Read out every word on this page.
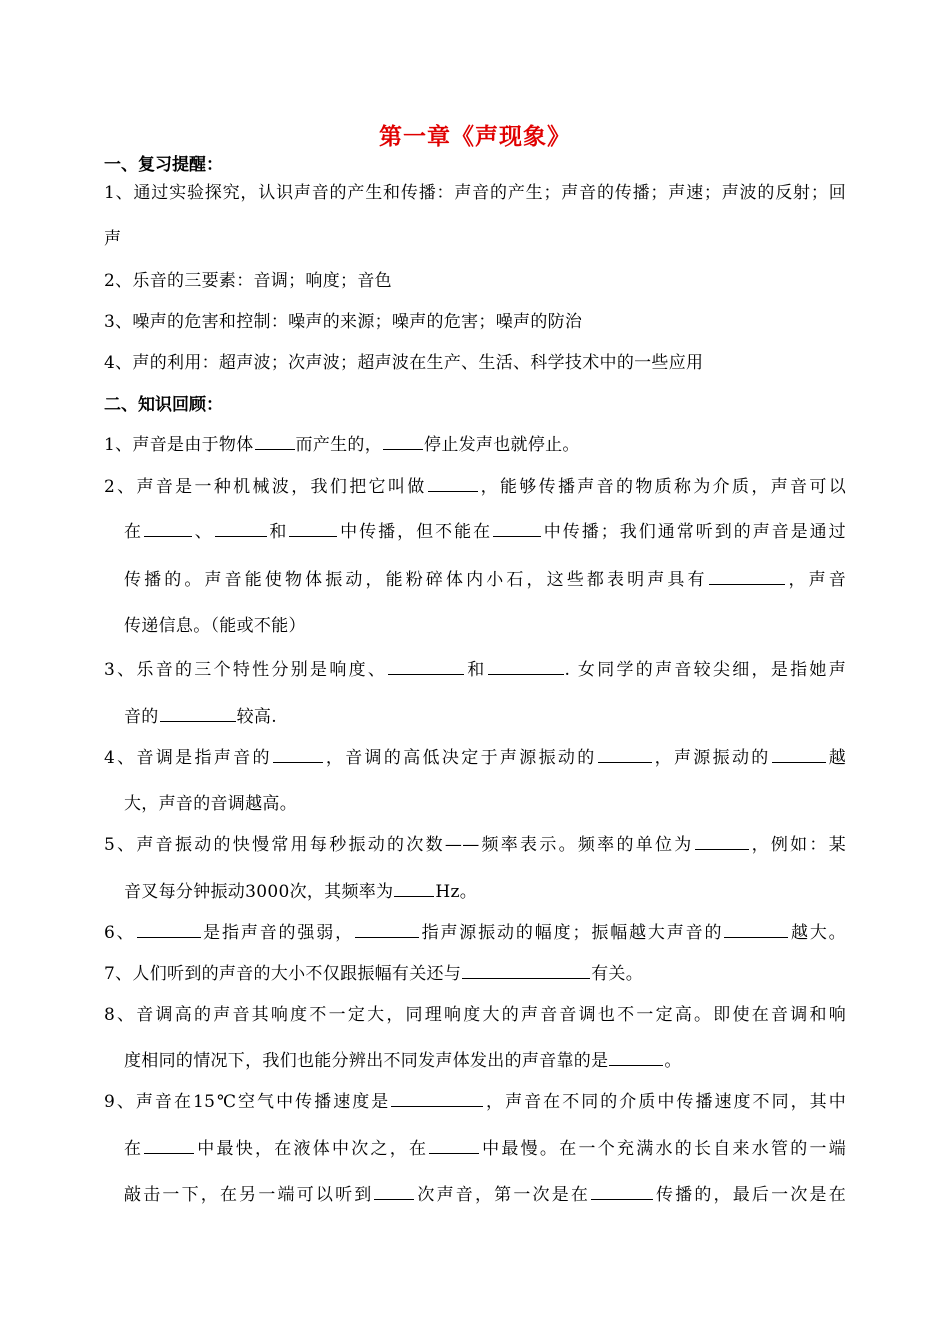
第一章《声现象》
一、复习提醒：
1、通过实验探究，认识声音的产生和传播：声音的产生；声音的传播；声速；声波的反射；回
声
2、乐音的三要素：音调；响度；音色
3、噪声的危害和控制：噪声的来源；噪声的危害；噪声的防治
4、声的利用：超声波；次声波；超声波在生产、生活、科学技术中的一些应用
二、知识回顾：
1、声音是由于物体 而产生的， 停止发声也就停止。
2、声音是一种机械波，我们把它叫做	，能够传播声音的物质称为介质，声音可以
在	、	和	中传播，但不能在	中传播；我们通常听到的声音是通过
传播的。声音能使物体振动，能粉碎体内小石，这些都表明声具有	，声音
传递信息。（能或不能）
3、乐音的三个特性分别是响度、	和	. 女同学的声音较尖细，是指她声
音的	较高.
4、音调是指声音的	，音调的高低决定于声源振动的	，声源振动的	越
大，声音的音调越高。
5、声音振动的快慢常用每秒振动的次数——频率表示。频率的单位为	，例如：某
音叉每分钟振动3000次，其频率为 Hz。
6、	是指声音的强弱，	指声源振动的幅度；振幅越大声音的	越大。
7、人们听到的声音的大小不仅跟振幅有关还与	有关。
8、音调高的声音其响度不一定大，同理响度大的声音音调也不一定高。即使在音调和响
度相同的情况下，我们也能分辨出不同发声体发出的声音靠的是	。
9、声音在15℃空气中传播速度是	，声音在不同的介质中传播速度不同，其中
在	中最快，在液体中次之，在	中最慢。在一个充满水的长自来水管的一端
敲击一下，在另一端可以听到 次声音，第一次是在	传播的，最后一次是在
